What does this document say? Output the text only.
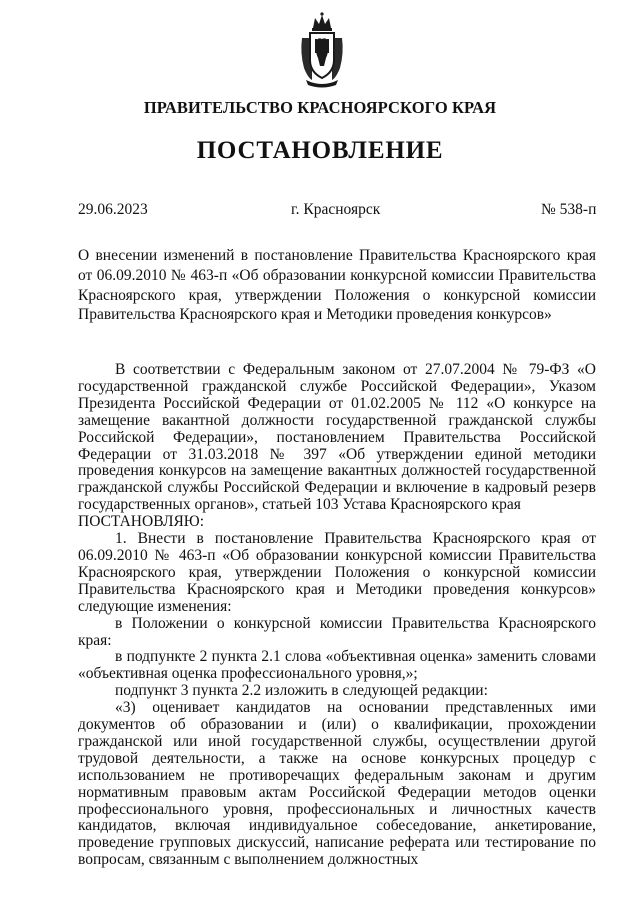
ПРАВИТЕЛЬСТВО КРАСНОЯРСКОГО КРАЯ
ПОСТАНОВЛЕНИЕ
29.06.2023	г. Красноярск	№ 538-п
О внесении изменений в постановление Правительства Красноярского края от 06.09.2010 № 463-п «Об образовании конкурсной комиссии Правительства Красноярского края, утверждении Положения о конкурсной комиссии Правительства Красноярского края и Методики проведения конкурсов»

В соответствии с Федеральным законом от 27.07.2004 № 79-ФЗ «О государственной гражданской службе Российской Федерации», Указом Президента Российской Федерации от 01.02.2005 № 112 «О конкурсе на замещение вакантной должности государственной гражданской службы Российской Федерации», постановлением Правительства Российской Федерации от 31.03.2018 № 397 «Об утверждении единой методики проведения конкурсов на замещение вакантных должностей государственной гражданской службы Российской Федерации и включение в кадровый резерв государственных органов», статьей 103 Устава Красноярского края

ПОСТАНОВЛЯЮ:

1. Внести в постановление Правительства Красноярского края от 06.09.2010 № 463-п «Об образовании конкурсной комиссии Правительства Красноярского края, утверждении Положения о конкурсной комиссии Правительства Красноярского края и Методики проведения конкурсов» следующие изменения:

в Положении о конкурсной комиссии Правительства Красноярского края:

в подпункте 2 пункта 2.1 слова «объективная оценка» заменить словами «объективная оценка профессионального уровня,»;

подпункт 3 пункта 2.2 изложить в следующей редакции:

«3) оценивает кандидатов на основании представленных ими документов об образовании и (или) о квалификации, прохождении гражданской или иной государственной службы, осуществлении другой трудовой деятельности, а также на основе конкурсных процедур с использованием не противоречащих федеральным законам и другим нормативным правовым актам Российской Федерации методов оценки профессионального уровня, профессиональных и личностных качеств кандидатов, включая индивидуальное собеседование, анкетирование, проведение групповых дискуссий, написание реферата или тестирование по вопросам, связанным с выполнением должностных
